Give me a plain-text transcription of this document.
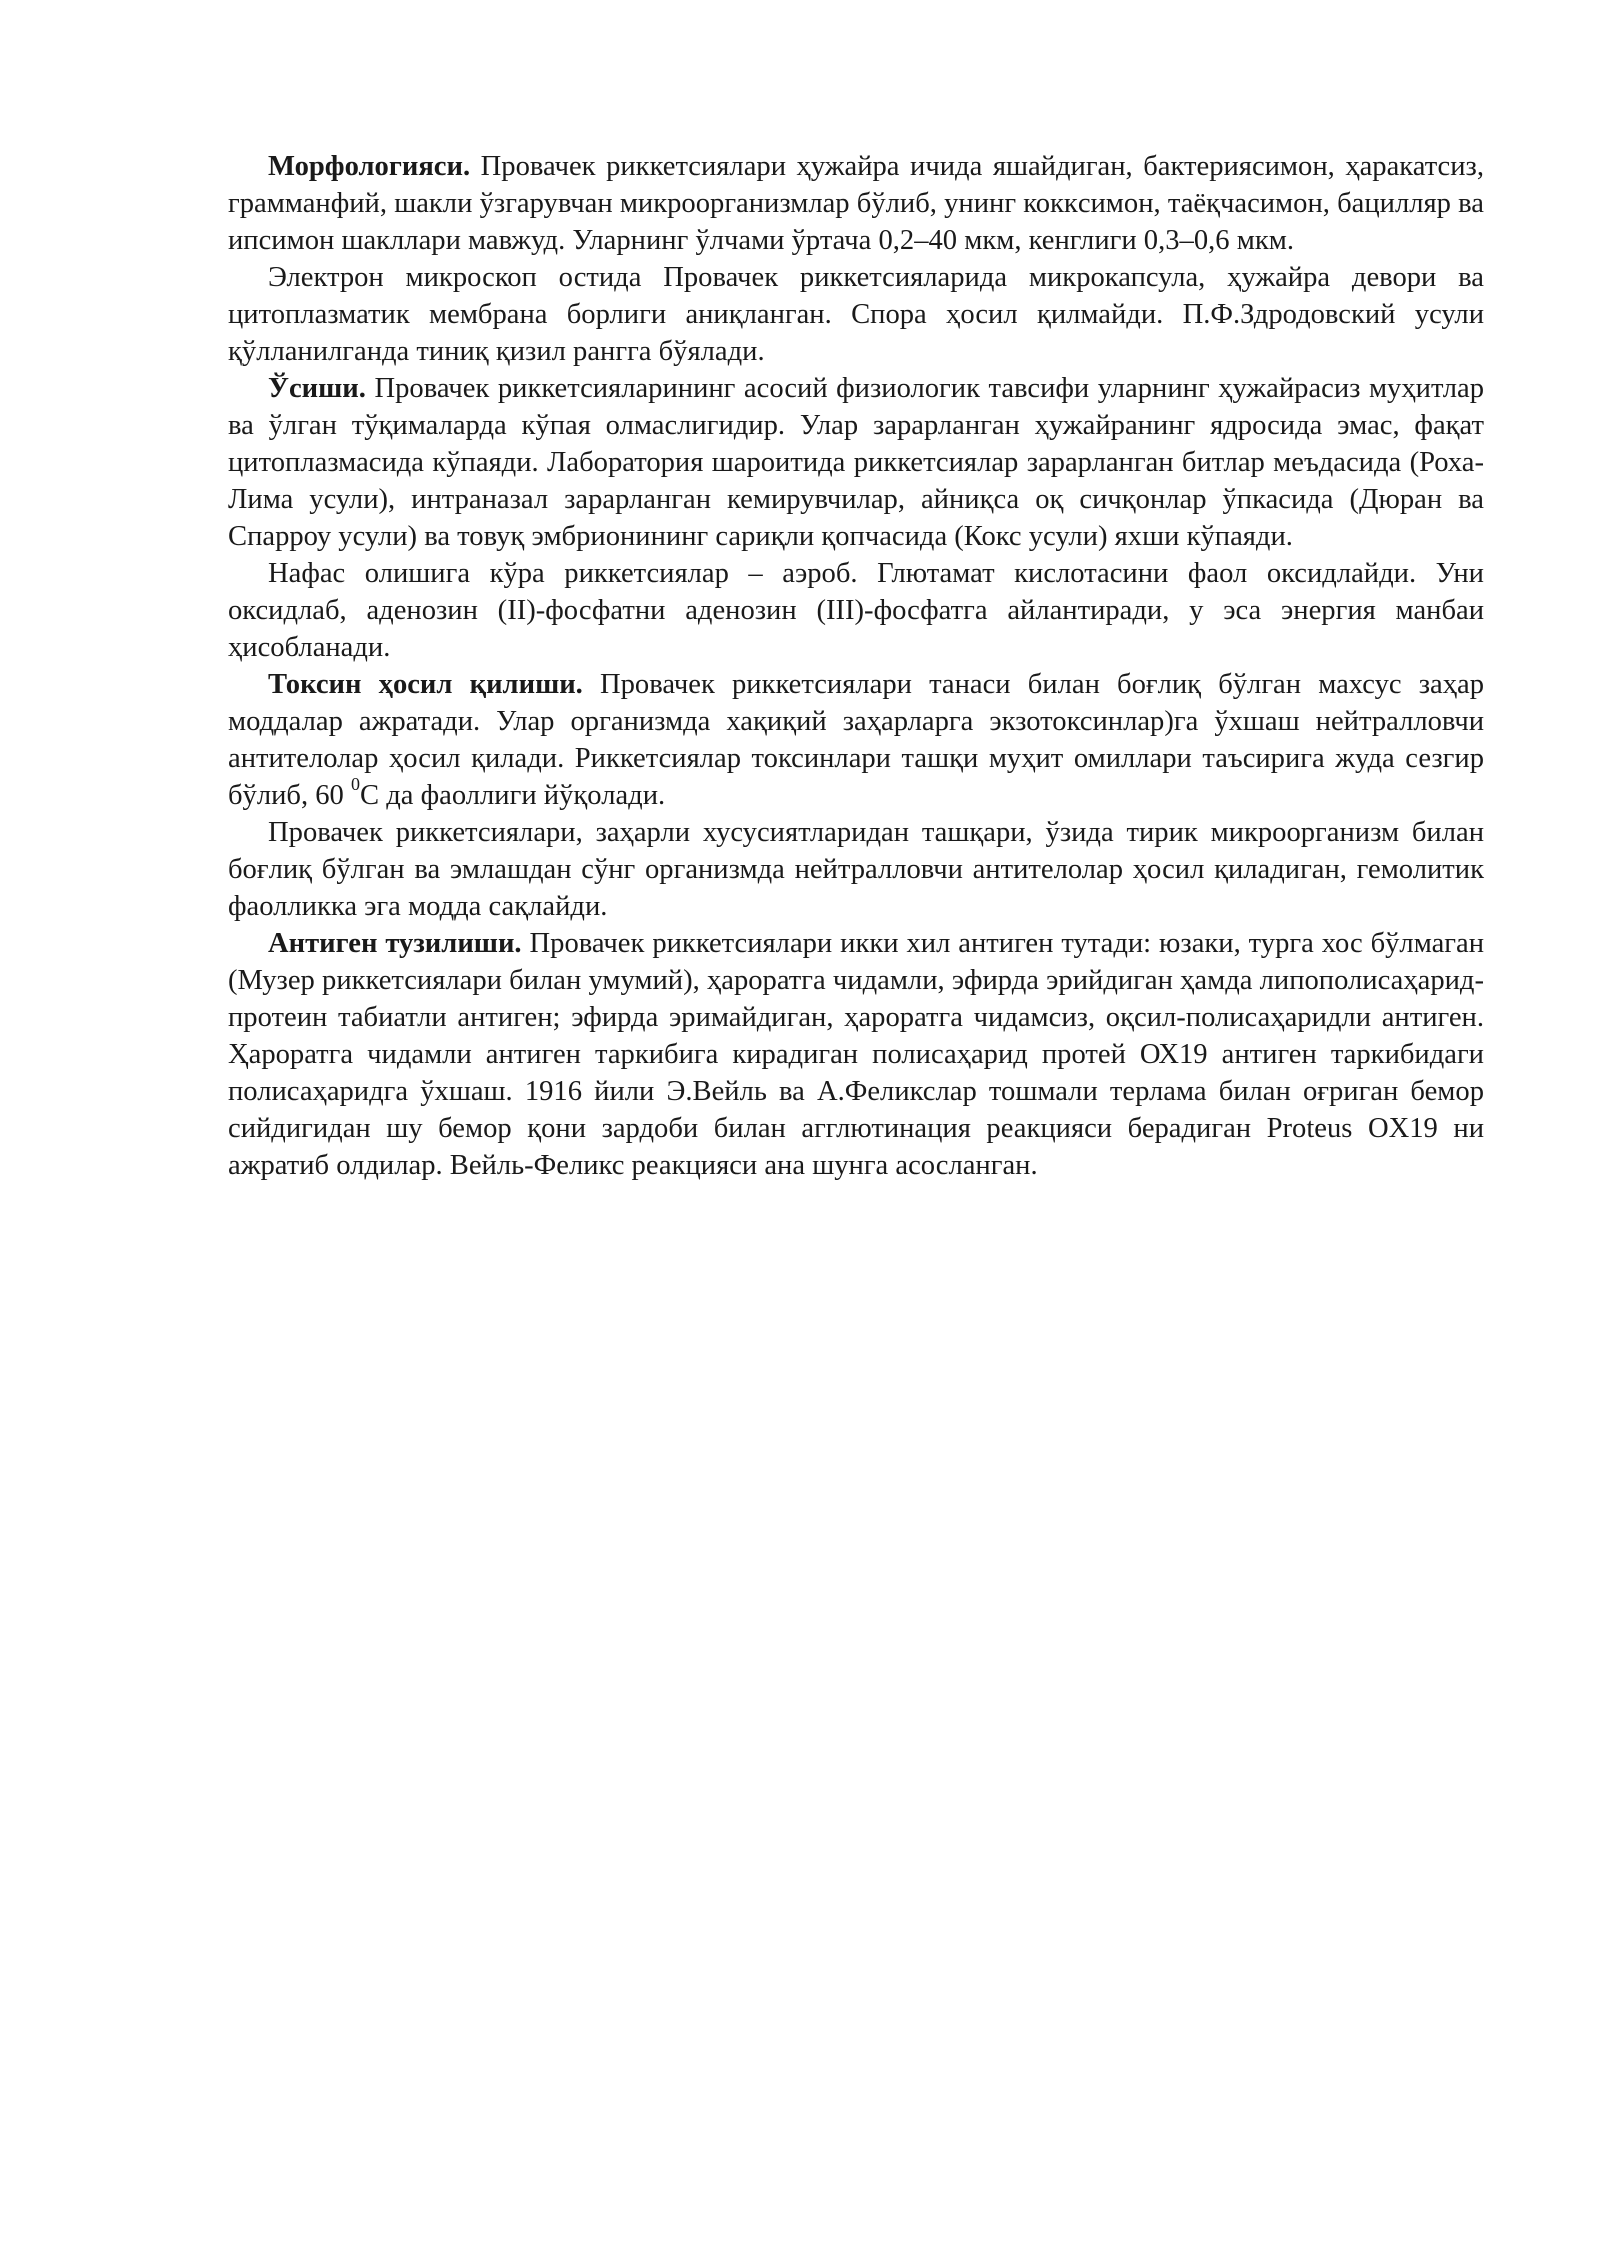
Морфологияси. Провачек риккетсиялари ҳужайра ичида яшайдиган, бактериясимон, ҳаракатсиз, грамманфий, шакли ўзгарувчан микроорганизмлар бўлиб, унинг коккcимон, таёқчасимон, бацилляр ва ипсимон шакллари мавжуд. Уларнинг ўлчами ўртача 0,2–40 мкм, кенглиги 0,3–0,6 мкм.

Электрон микроскоп остида Провачек риккетсияларида микрокапсула, ҳужайра девори ва цитоплазматик мембрана борлиги аниқланган. Спора ҳосил қилмайди. П.Ф.Здродовский усули қўлланилганда тиниқ қизил рангга бўялади.

Ўсиши. Провачек риккетсияларининг асосий физиологик тавсифи уларнинг ҳужайрасиз муҳитлар ва ўлган тўқималарда кўпая олмаслигидир. Улар зарарланган ҳужайранинг ядросида эмас, фақат цитоплазмасида кўпаяди. Лаборатория шароитида риккетсиялар зарарланган битлар меъдасида (Роха-Лима усули), интраназал зарарланган кемирувчилар, айниқса оқ сичқонлар ўпкасида (Дюран ва Спарроу усули) ва товуқ эмбрионининг сариқли қопчасида (Кокс усули) яхши кўпаяди.

Нафас олишига кўра риккетсиялар – аэроб. Глютамат кислотасини фаол оксидлайди. Уни оксидлаб, аденозин (II)-фосфатни аденозин (III)-фосфатга айлантиради, у эса энергия манбаи ҳисобланади.

Токсин ҳосил қилиши. Провачек риккетсиялари танаси билан боғлиқ бўлган махсус заҳар моддалар ажратади. Улар организмда хақиқий заҳарларга экзотоксинлар)га ўхшаш нейтралловчи антителолар ҳосил қилади. Риккетсиялар токсинлари ташқи муҳит омиллари таъсирига жуда сезгир бўлиб, 60 $^0$С да фаоллиги йўқолади.

Провачек риккетсиялари, заҳарли хусусиятларидан ташқари, ўзида тирик микроорганизм билан боғлиқ бўлган ва эмлашдан сўнг организмда нейтралловчи антителолар ҳосил қиладиган, гемолитик фаолликка эга модда сақлайди.

Антиген тузилиши. Провачек риккетсиялари икки хил антиген тутади: юзаки, турга хос бўлмаган (Музер риккетсиялари билан умумий), ҳароратга чидамли, эфирда эрийдиган ҳамда липополисаҳарид-протеин табиатли антиген; эфирда эримайдиган, ҳароратга чидамсиз, оқсил-полисаҳаридли антиген. Ҳароратга чидамли антиген таркибига кирадиган полисаҳарид протей ОХ19 антиген таркибидаги полисаҳаридга ўхшаш. 1916 йили Э.Вейль ва А.Феликслар тошмали терлама билан оғриган бемор сийдигидан шу бемор қони зардоби билан агглютинация реакцияси берадиган Proteus OX19 ни ажратиб олдилар. Вейль-Феликс реакцияси ана шунга асосланган.
